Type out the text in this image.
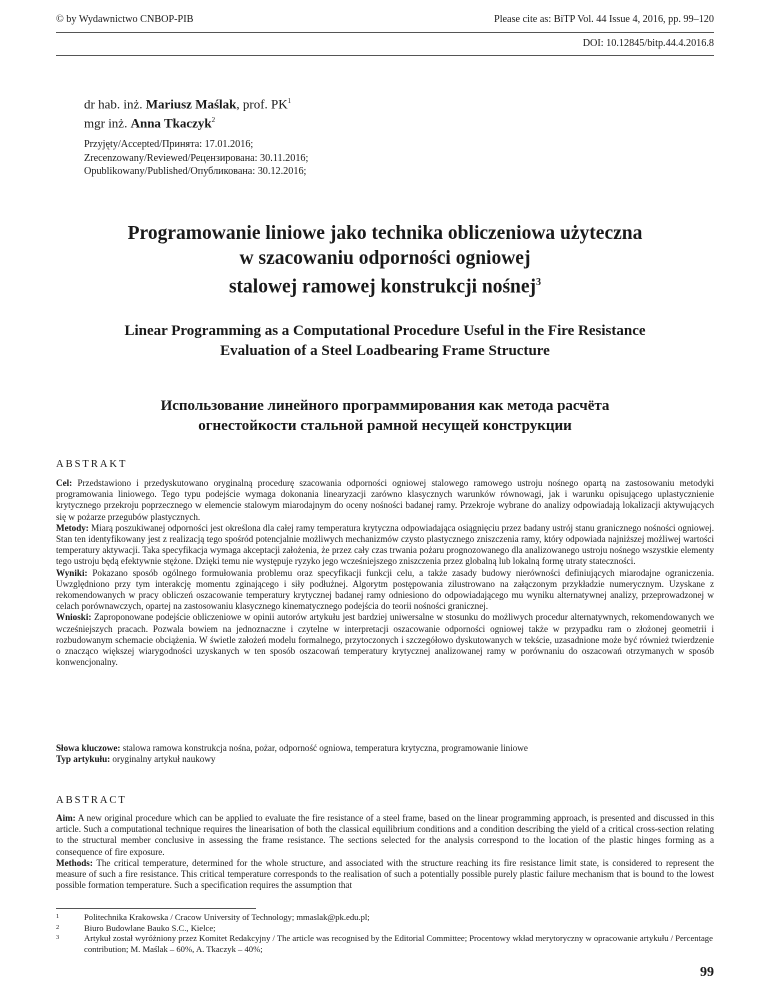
© by Wydawnictwo CNBOP-PIB	Please cite as: BiTP Vol. 44 Issue 4, 2016, pp. 99–120
DOI: 10.12845/bitp.44.4.2016.8
dr hab. inż. Mariusz Maślak, prof. $PK^1$
mgr inż. Anna Tkaczyk$^2$
Przyjęty/Accepted/Принята: 17.01.2016;
Zrecenzowany/Reviewed/Рецензирована: 30.11.2016;
Opublikowany/Published/Опубликована: 30.12.2016;
Programowanie liniowe jako technika obliczeniowa użyteczna
w szacowaniu odporności ogniowej
stalowej ramowej konstrukcji nośnej$^3$
Linear Programming as a Computational Procedure Useful in the Fire Resistance
Evaluation of a Steel Loadbearing Frame Structure
Использование линейного программирования как метода расчёта
огнестойкости стальной рамной несущей конструкции
ABSTRAKT

Cel: Przedstawiono i przedyskutowano oryginalną procedurę szacowania odporności ogniowej stalowego ramowego ustroju nośnego opartą na zastosowaniu metodyki programowania liniowego. Tego typu podejście wymaga dokonania linearyzacji zarówno klasycznych warunków równowagi, jak i warunku opisującego uplastycznienie krytycznego przekroju poprzecznego w elemencie stalowym miarodajnym do oceny nośności badanej ramy. Przekroje wybrane do analizy odpowiadają lokalizacji aktywujących się w pożarze przegubów plastycznych.

Metody: Miarą poszukiwanej odporności jest określona dla całej ramy temperatura krytyczna odpowiadająca osiągnięciu przez badany ustrój stanu granicznego nośności ogniowej. Stan ten identyfikowany jest z realizacją tego spośród potencjalnie możliwych mechanizmów czysto plastycznego zniszczenia ramy, który odpowiada najniższej możliwej wartości temperatury aktywacji. Taka specyfikacja wymaga akceptacji założenia, że przez cały czas trwania pożaru prognozowanego dla analizowanego ustroju nośnego wszystkie elementy tego ustroju będą efektywnie stężone. Dzięki temu nie występuje ryzyko jego wcześniejszego zniszczenia przez globalną lub lokalną formę utraty stateczności.

Wyniki: Pokazano sposób ogólnego formułowania problemu oraz specyfikacji funkcji celu, a także zasady budowy nierówności definiujących miarodajne ograniczenia. Uwzględniono przy tym interakcję momentu zginającego i siły podłużnej. Algorytm postępowania zilustrowano na załączonym przykładzie numerycznym. Uzyskane z rekomendowanych w pracy obliczeń oszacowanie temperatury krytycznej badanej ramy odniesiono do odpowiadającego mu wyniku alternatywnej analizy, przeprowadzonej w celach porównawczych, opartej na zastosowaniu klasycznego kinematycznego podejścia do teorii nośności granicznej.

Wnioski: Zaproponowane podejście obliczeniowe w opinii autorów artykułu jest bardziej uniwersalne w stosunku do możliwych procedur alternatywnych, rekomendowanych we wcześniejszych pracach. Pozwala bowiem na jednoznaczne i czytelne w interpretacji oszacowanie odporności ogniowej także w przypadku ram o złożonej geometrii i rozbudowanym schemacie obciążenia. W świetle założeń modelu formalnego, przytoczonych i szczegółowo dyskutowanych w tekście, uzasadnione może być również twierdzenie o znacząco większej wiarygodności uzyskanych w ten sposób oszacowań temperatury krytycznej analizowanej ramy w porównaniu do oszacowań otrzymanych w sposób konwencjonalny.

Słowa kluczowe: stalowa ramowa konstrukcja nośna, pożar, odporność ogniowa, temperatura krytyczna, programowanie liniowe

Typ artykułu: oryginalny artykuł naukowy

ABSTRACT

Aim: A new original procedure which can be applied to evaluate the fire resistance of a steel frame, based on the linear programming approach, is presented and discussed in this article. Such a computational technique requires the linearisation of both the classical equilibrium conditions and a condition describing the yield of a critical cross-section relating to the structural member conclusive in assessing the frame resistance. The sections selected for the analysis correspond to the location of the plastic hinges forming as a consequence of fire exposure.

Methods: The critical temperature, determined for the whole structure, and associated with the structure reaching its fire resistance limit state, is considered to represent the measure of such a fire resistance. This critical temperature corresponds to the realisation of such a potentially possible purely plastic failure mechanism that is bound to the lowest possible formation temperature. Such a specification requires the assumption that

1	Politechnika Krakowska / Cracow University of Technology; mmaslak@pk.edu.pl;
2	Biuro Budowlane Bauko S.C., Kielce;
3	Artykuł został wyróżniony przez Komitet Redakcyjny / The article was recognised by the Editorial Committee; Procentowy wkład merytoryczny w opracowanie artykułu / Percentage contribution; M. Maślak – 60%, A. Tkaczyk – 40%;
99
